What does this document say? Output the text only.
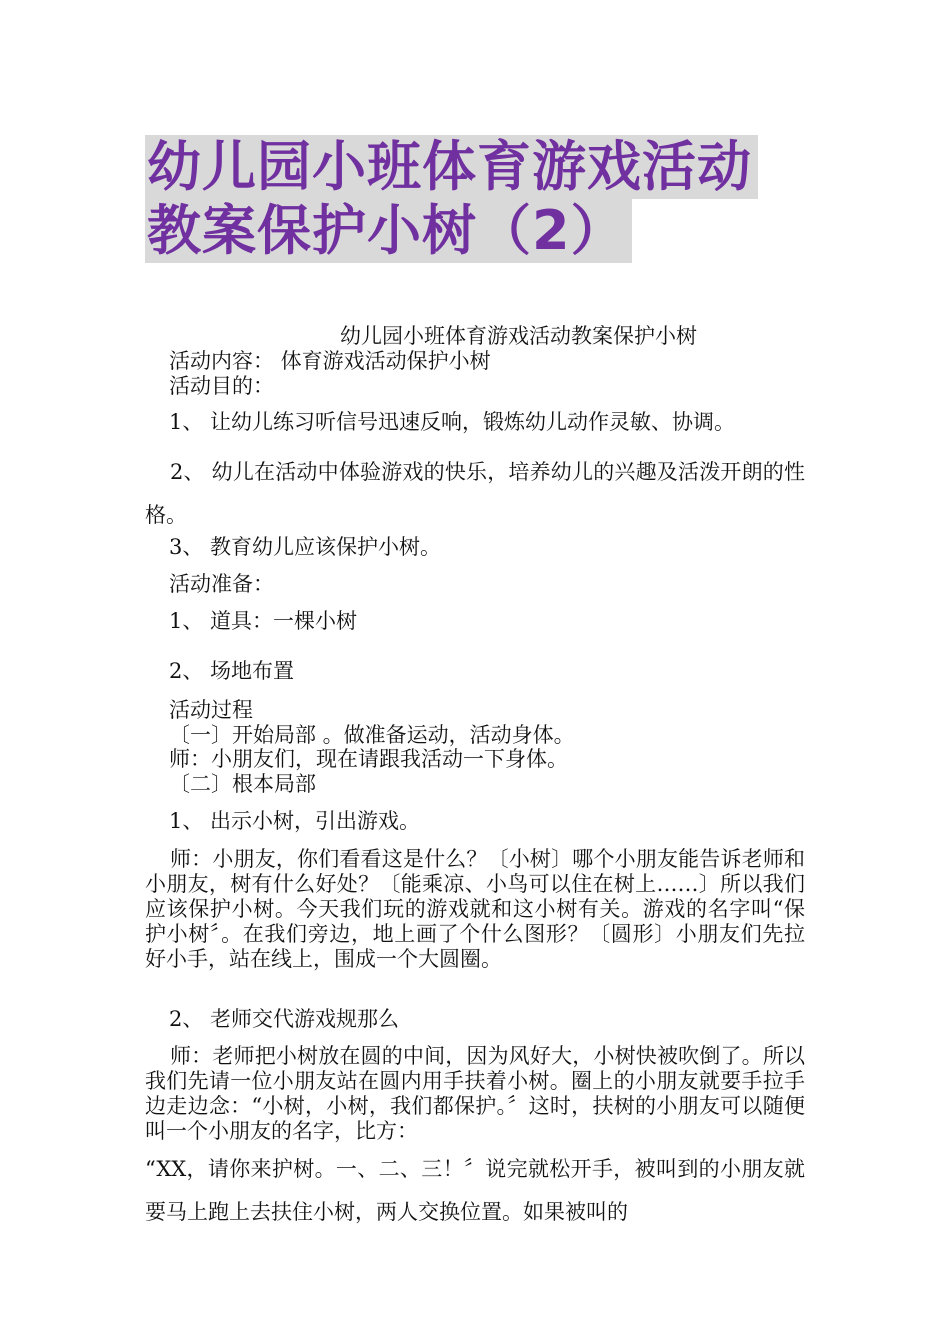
幼儿园小班体育游戏活动
教案保护小树（2）
幼儿园小班体育游戏活动教案保护小树
活动内容： 体育游戏活动保护小树
活动目的：
1、 让幼儿练习听信号迅速反响，锻炼幼儿动作灵敏、协调。
2、 幼儿在活动中体验游戏的快乐，培养幼儿的兴趣及活泼开朗的性格。
3、 教育幼儿应该保护小树。
活动准备：
1、 道具：一棵小树
2、 场地布置
活动过程
〔一〕开始局部 。做准备运动，活动身体。
师：小朋友们，现在请跟我活动一下身体。
〔二〕根本局部
1、 出示小树，引出游戏。
师：小朋友，你们看看这是什么？〔小树〕哪个小朋友能告诉老师和小朋友，树有什么好处？〔能乘凉、小鸟可以住在树上……〕所以我们应该保护小树。今天我们玩的游戏就和这小树有关。游戏的名字叫“保护小树〞。在我们旁边，地上画了个什么图形？〔圆形〕小朋友们先拉好小手，站在线上，围成一个大圆圈。
2、 老师交代游戏规那么
师：老师把小树放在圆的中间，因为风好大，小树快被吹倒了。所以我们先请一位小朋友站在圆内用手扶着小树。圈上的小朋友就要手拉手边走边念：“小树，小树，我们都保护。〞这时，扶树的小朋友可以随便叫一个小朋友的名字，比方：
“XX，请你来护树。一、二、三！〞说完就松开手，被叫到的小朋友就要马上跑上去扶住小树，两人交换位置。如果被叫的
